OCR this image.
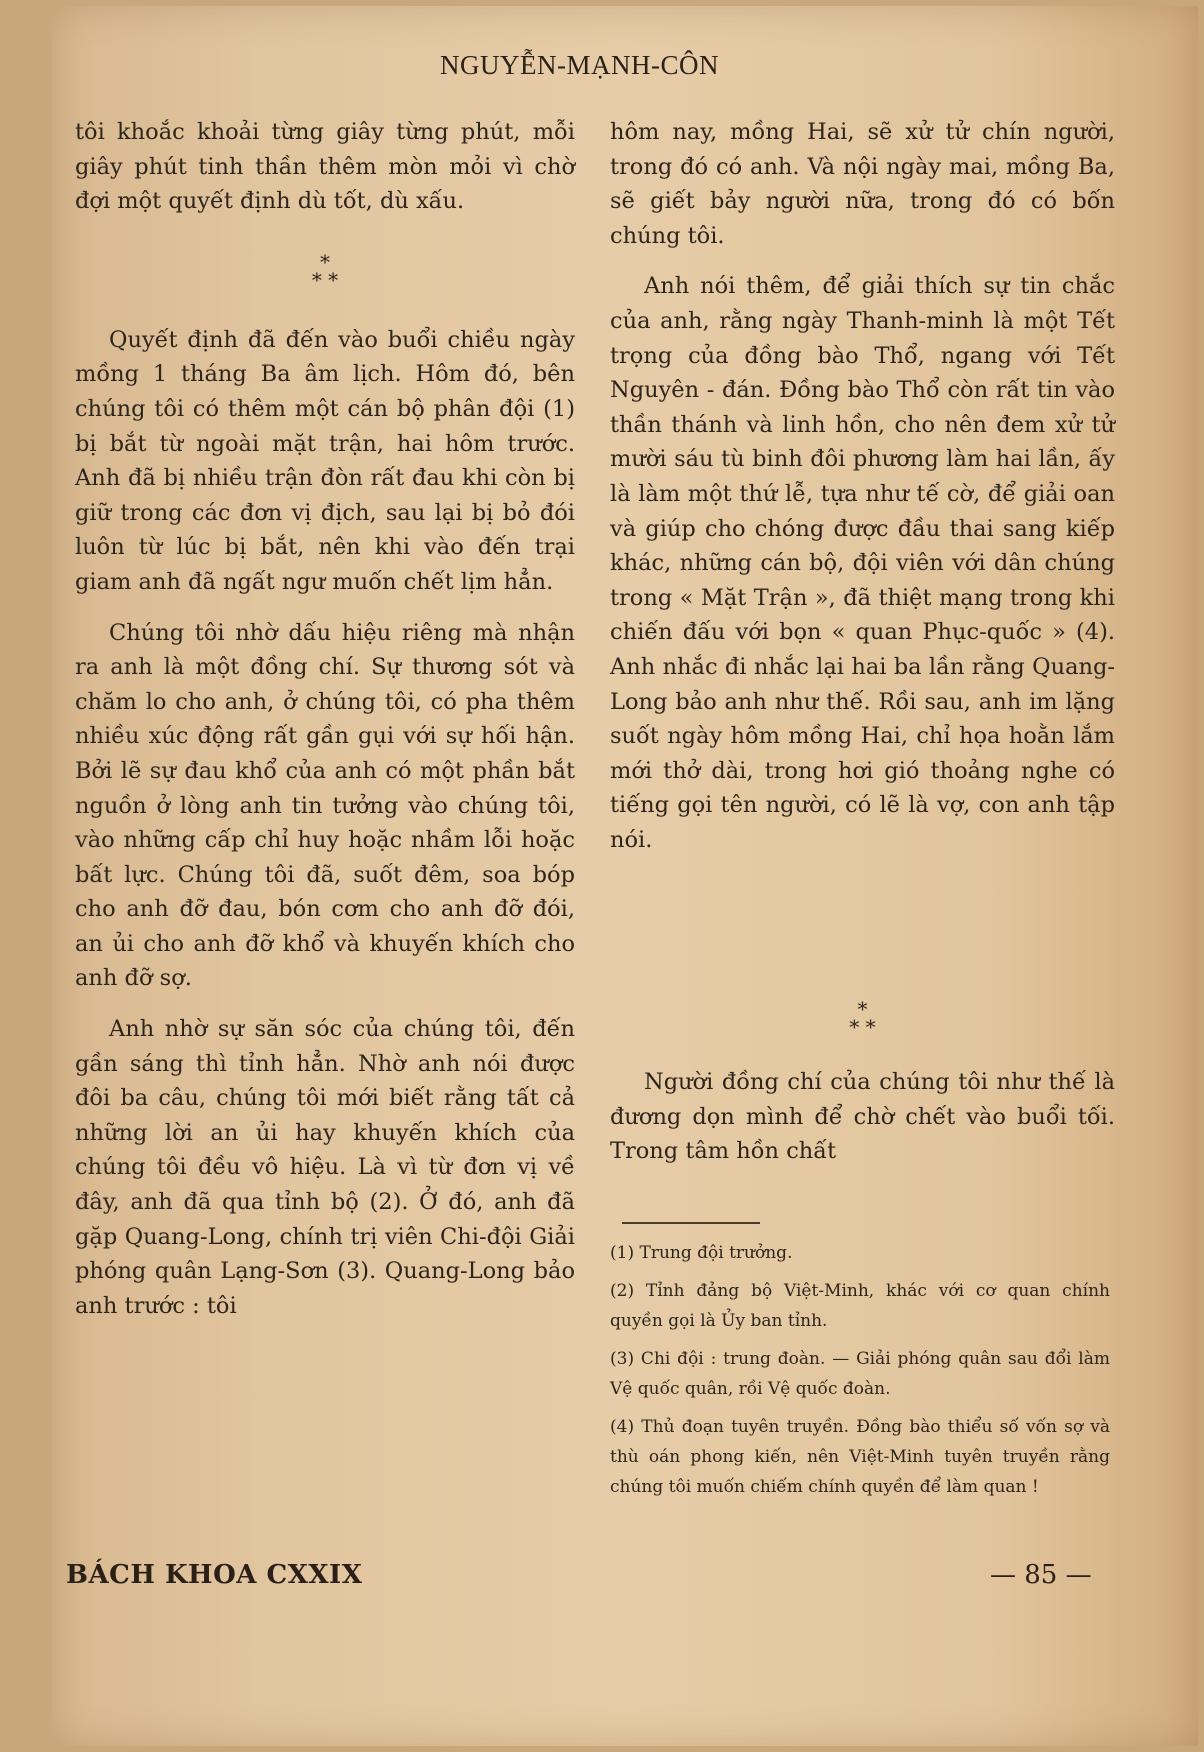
NGUYỄN-MẠNH-CÔN

tôi khoắc khoải từng giây từng phút, mỗi giây phút tinh thần thêm mòn mỏi vì chờ đợi một quyết định dù tốt, dù xấu.

*
* *

Quyết định đã đến vào buổi chiều ngày mồng 1 tháng Ba âm lịch. Hôm đó, bên chúng tôi có thêm một cán bộ phân đội (1) bị bắt từ ngoài mặt trận, hai hôm trước. Anh đã bị nhiều trận đòn rất đau khi còn bị giữ trong các đơn vị địch, sau lại bị bỏ đói luôn từ lúc bị bắt, nên khi vào đến trại giam anh đã ngất ngư muốn chết lịm hẳn.

Chúng tôi nhờ dấu hiệu riêng mà nhận ra anh là một đồng chí. Sự thương sót và chăm lo cho anh, ở chúng tôi, có pha thêm nhiều xúc động rất gần gụi với sự hối hận. Bởi lẽ sự đau khổ của anh có một phần bắt nguồn ở lòng anh tin tưởng vào chúng tôi, vào những cấp chỉ huy hoặc nhầm lỗi hoặc bất lực. Chúng tôi đã, suốt đêm, soa bóp cho anh đỡ đau, bón cơm cho anh đỡ đói, an ủi cho anh đỡ khổ và khuyến khích cho anh đỡ sợ.

Anh nhờ sự săn sóc của chúng tôi, đến gần sáng thì tỉnh hẳn. Nhờ anh nói được đôi ba câu, chúng tôi mới biết rằng tất cả những lời an ủi hay khuyến khích của chúng tôi đều vô hiệu. Là vì từ đơn vị về đây, anh đã qua tỉnh bộ (2). Ở đó, anh đã gặp Quang-Long, chính trị viên Chi-đội Giải phóng quân Lạng-Sơn (3). Quang-Long bảo anh trước : tôi

hôm nay, mồng Hai, sẽ xử tử chín người, trong đó có anh. Và nội ngày mai, mồng Ba, sẽ giết bảy người nữa, trong đó có bốn chúng tôi.

Anh nói thêm, để giải thích sự tin chắc của anh, rằng ngày Thanh-minh là một Tết trọng của đồng bào Thổ, ngang với Tết Nguyên - đán. Đồng bào Thổ còn rất tin vào thần thánh và linh hồn, cho nên đem xử tử mười sáu tù binh đôi phương làm hai lần, ấy là làm một thứ lễ, tựa như tế cờ, để giải oan và giúp cho chóng được đầu thai sang kiếp khác, những cán bộ, đội viên với dân chúng trong « Mặt Trận », đã thiệt mạng trong khi chiến đấu với bọn « quan Phục-quốc » (4). Anh nhắc đi nhắc lại hai ba lần rằng Quang-Long bảo anh như thế. Rồi sau, anh im lặng suốt ngày hôm mồng Hai, chỉ họa hoằn lắm mới thở dài, trong hơi gió thoảng nghe có tiếng gọi tên người, có lẽ là vợ, con anh tập nói.

*
* *

Người đồng chí của chúng tôi như thế là đương dọn mình để chờ chết vào buổi tối. Trong tâm hồn chất

(1) Trung đội trưởng.

(2) Tỉnh đảng bộ Việt-Minh, khác với cơ quan chính quyền gọi là Ủy ban tỉnh.

(3) Chi đội : trung đoàn. — Giải phóng quân sau đổi làm Vệ quốc quân, rồi Vệ quốc đoàn.

(4) Thủ đoạn tuyên truyền. Đồng bào thiểu số vốn sợ và thù oán phong kiến, nên Việt-Minh tuyên truyền rằng chúng tôi muốn chiếm chính quyền để làm quan !

BÁCH KHOA CXXIX	— 85 —
